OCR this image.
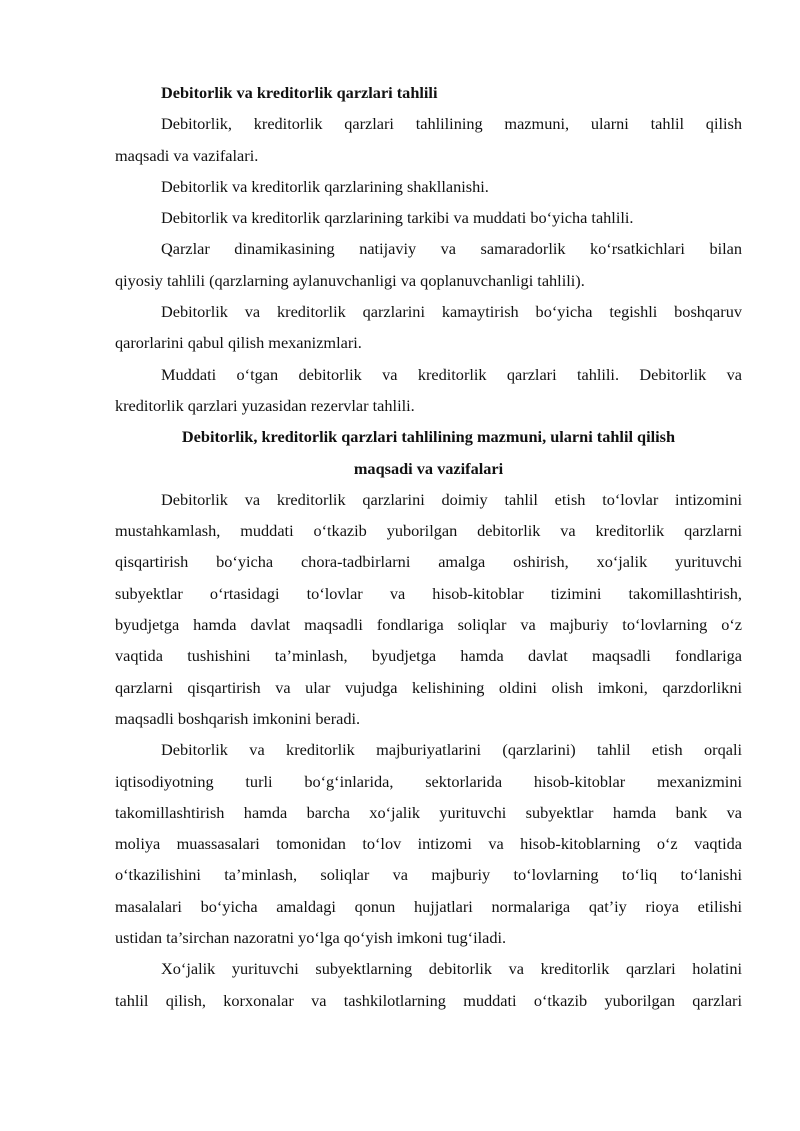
Debitorlik va kreditorlik qarzlari tahlili
Debitorlik, kreditorlik qarzlari tahlilining mazmuni, ularni tahlil qilish
maqsadi va vazifalari.
Debitorlik va kreditorlik qarzlarining shakllanishi.
Debitorlik va kreditorlik qarzlarining tarkibi va muddati bo‘yicha tahlili.
Qarzlar dinamikasining natijaviy va samaradorlik ko‘rsatkichlari bilan
qiyosiy tahlili (qarzlarning aylanuvchanligi va qoplanuvchanligi tahlili).
Debitorlik va kreditorlik qarzlarini kamaytirish bo‘yicha tegishli boshqaruv
qarorlarini qabul qilish mexanizmlari.
Muddati o‘tgan debitorlik va kreditorlik qarzlari tahlili. Debitorlik va
kreditorlik qarzlari yuzasidan rezervlar tahlili.
Debitorlik, kreditorlik qarzlari tahlilining mazmuni, ularni tahlil qilish
maqsadi va vazifalari
Debitorlik va kreditorlik qarzlarini doimiy tahlil etish to‘lovlar intizomini
mustahkamlash, muddati o‘tkazib yuborilgan debitorlik va kreditorlik qarzlarni
qisqartirish bo‘yicha chora-tadbirlarni amalga oshirish, xo‘jalik yurituvchi
subyektlar o‘rtasidagi to‘lovlar va hisob-kitoblar tizimini takomillashtirish,
byudjetga hamda davlat maqsadli fondlariga soliqlar va majburiy to‘lovlarning o‘z
vaqtida tushishini ta’minlash, byudjetga hamda davlat maqsadli fondlariga
qarzlarni qisqartirish va ular vujudga kelishining oldini olish imkoni, qarzdorlikni
maqsadli boshqarish imkonini beradi.
Debitorlik va kreditorlik majburiyatlarini (qarzlarini) tahlil etish orqali
iqtisodiyotning turli bo‘g‘inlarida, sektorlarida hisob-kitoblar mexanizmini
takomillashtirish hamda barcha xo‘jalik yurituvchi subyektlar hamda bank va
moliya muassasalari tomonidan to‘lov intizomi va hisob-kitoblarning o‘z vaqtida
o‘tkazilishini ta’minlash, soliqlar va majburiy to‘lovlarning to‘liq to‘lanishi
masalalari bo‘yicha amaldagi qonun hujjatlari normalariga qat’iy rioya etilishi
ustidan ta’sirchan nazoratni yo‘lga qo‘yish imkoni tug‘iladi.
Xo‘jalik yurituvchi subyektlarning debitorlik va kreditorlik qarzlari holatini
tahlil qilish, korxonalar va tashkilotlarning muddati o‘tkazib yuborilgan qarzlari
